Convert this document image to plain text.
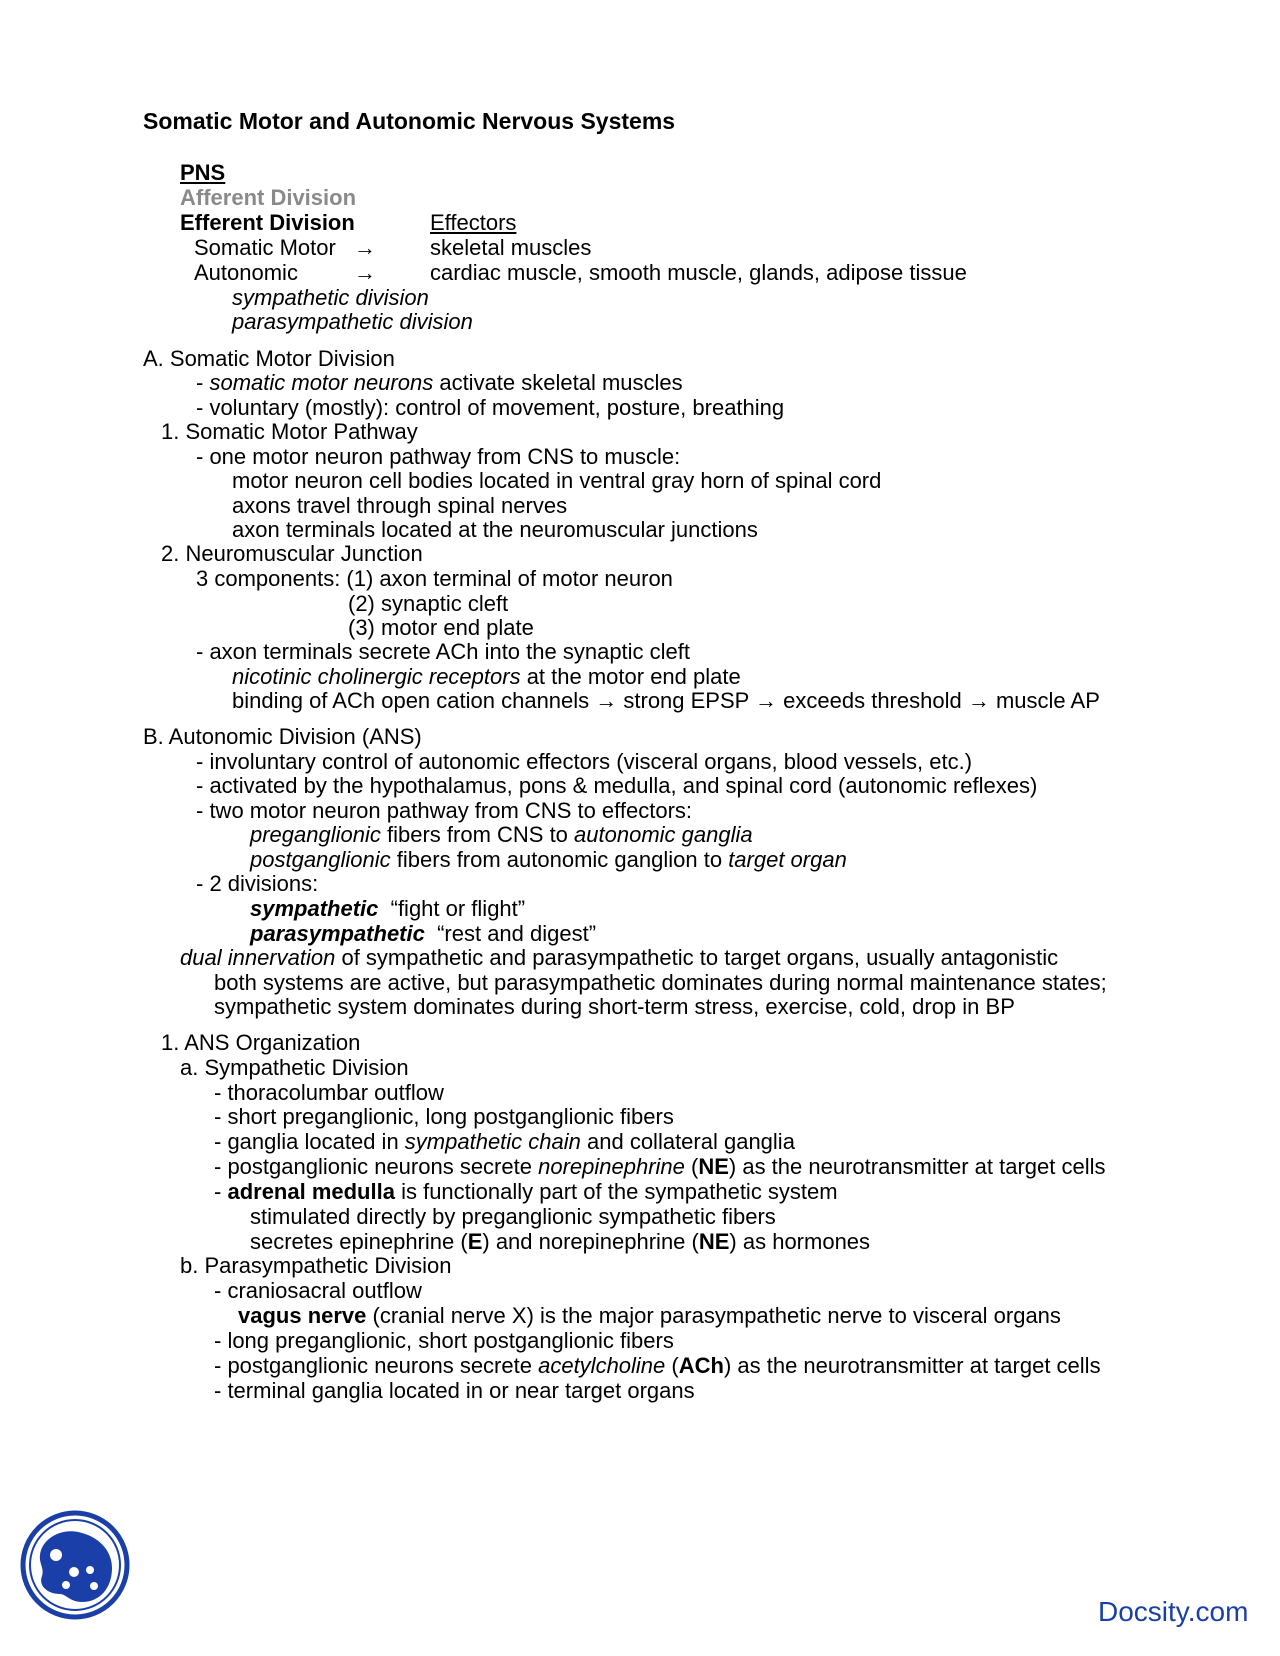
Somatic Motor and Autonomic Nervous Systems
PNS
Afferent Division
Efferent Division	Effectors
Somatic Motor → skeletal muscles
Autonomic	→ cardiac muscle, smooth muscle, glands, adipose tissue
sympathetic division
parasympathetic division
A. Somatic Motor Division
- somatic motor neurons activate skeletal muscles
- voluntary (mostly): control of movement, posture, breathing
1. Somatic Motor Pathway
- one motor neuron pathway from CNS to muscle:
motor neuron cell bodies located in ventral gray horn of spinal cord
axons travel through spinal nerves
axon terminals located at the neuromuscular junctions
2. Neuromuscular Junction
3 components: (1) axon terminal of motor neuron
(2) synaptic cleft
(3) motor end plate
- axon terminals secrete ACh into the synaptic cleft
nicotinic cholinergic receptors at the motor end plate
binding of ACh open cation channels → strong EPSP → exceeds threshold → muscle AP
B. Autonomic Division (ANS)
- involuntary control of autonomic effectors (visceral organs, blood vessels, etc.)
- activated by the hypothalamus, pons & medulla, and spinal cord (autonomic reflexes)
- two motor neuron pathway from CNS to effectors:
preganglionic fibers from CNS to autonomic ganglia
postganglionic fibers from autonomic ganglion to target organ
- 2 divisions:
sympathetic  “fight or flight”
parasympathetic  “rest and digest”
dual innervation of sympathetic and parasympathetic to target organs, usually antagonistic
both systems are active, but parasympathetic dominates during normal maintenance states;
sympathetic system dominates during short-term stress, exercise, cold, drop in BP
1. ANS Organization
a. Sympathetic Division
- thoracolumbar outflow
- short preganglionic, long postganglionic fibers
- ganglia located in sympathetic chain and collateral ganglia
- postganglionic neurons secrete norepinephrine (NE) as the neurotransmitter at target cells
- adrenal medulla is functionally part of the sympathetic system
stimulated directly by preganglionic sympathetic fibers
secretes epinephrine (E) and norepinephrine (NE) as hormones
b. Parasympathetic Division
- craniosacral outflow
vagus nerve (cranial nerve X) is the major parasympathetic nerve to visceral organs
- long preganglionic, short postganglionic fibers
- postganglionic neurons secrete acetylcholine (ACh) as the neurotransmitter at target cells
- terminal ganglia located in or near target organs
Docsity.com
